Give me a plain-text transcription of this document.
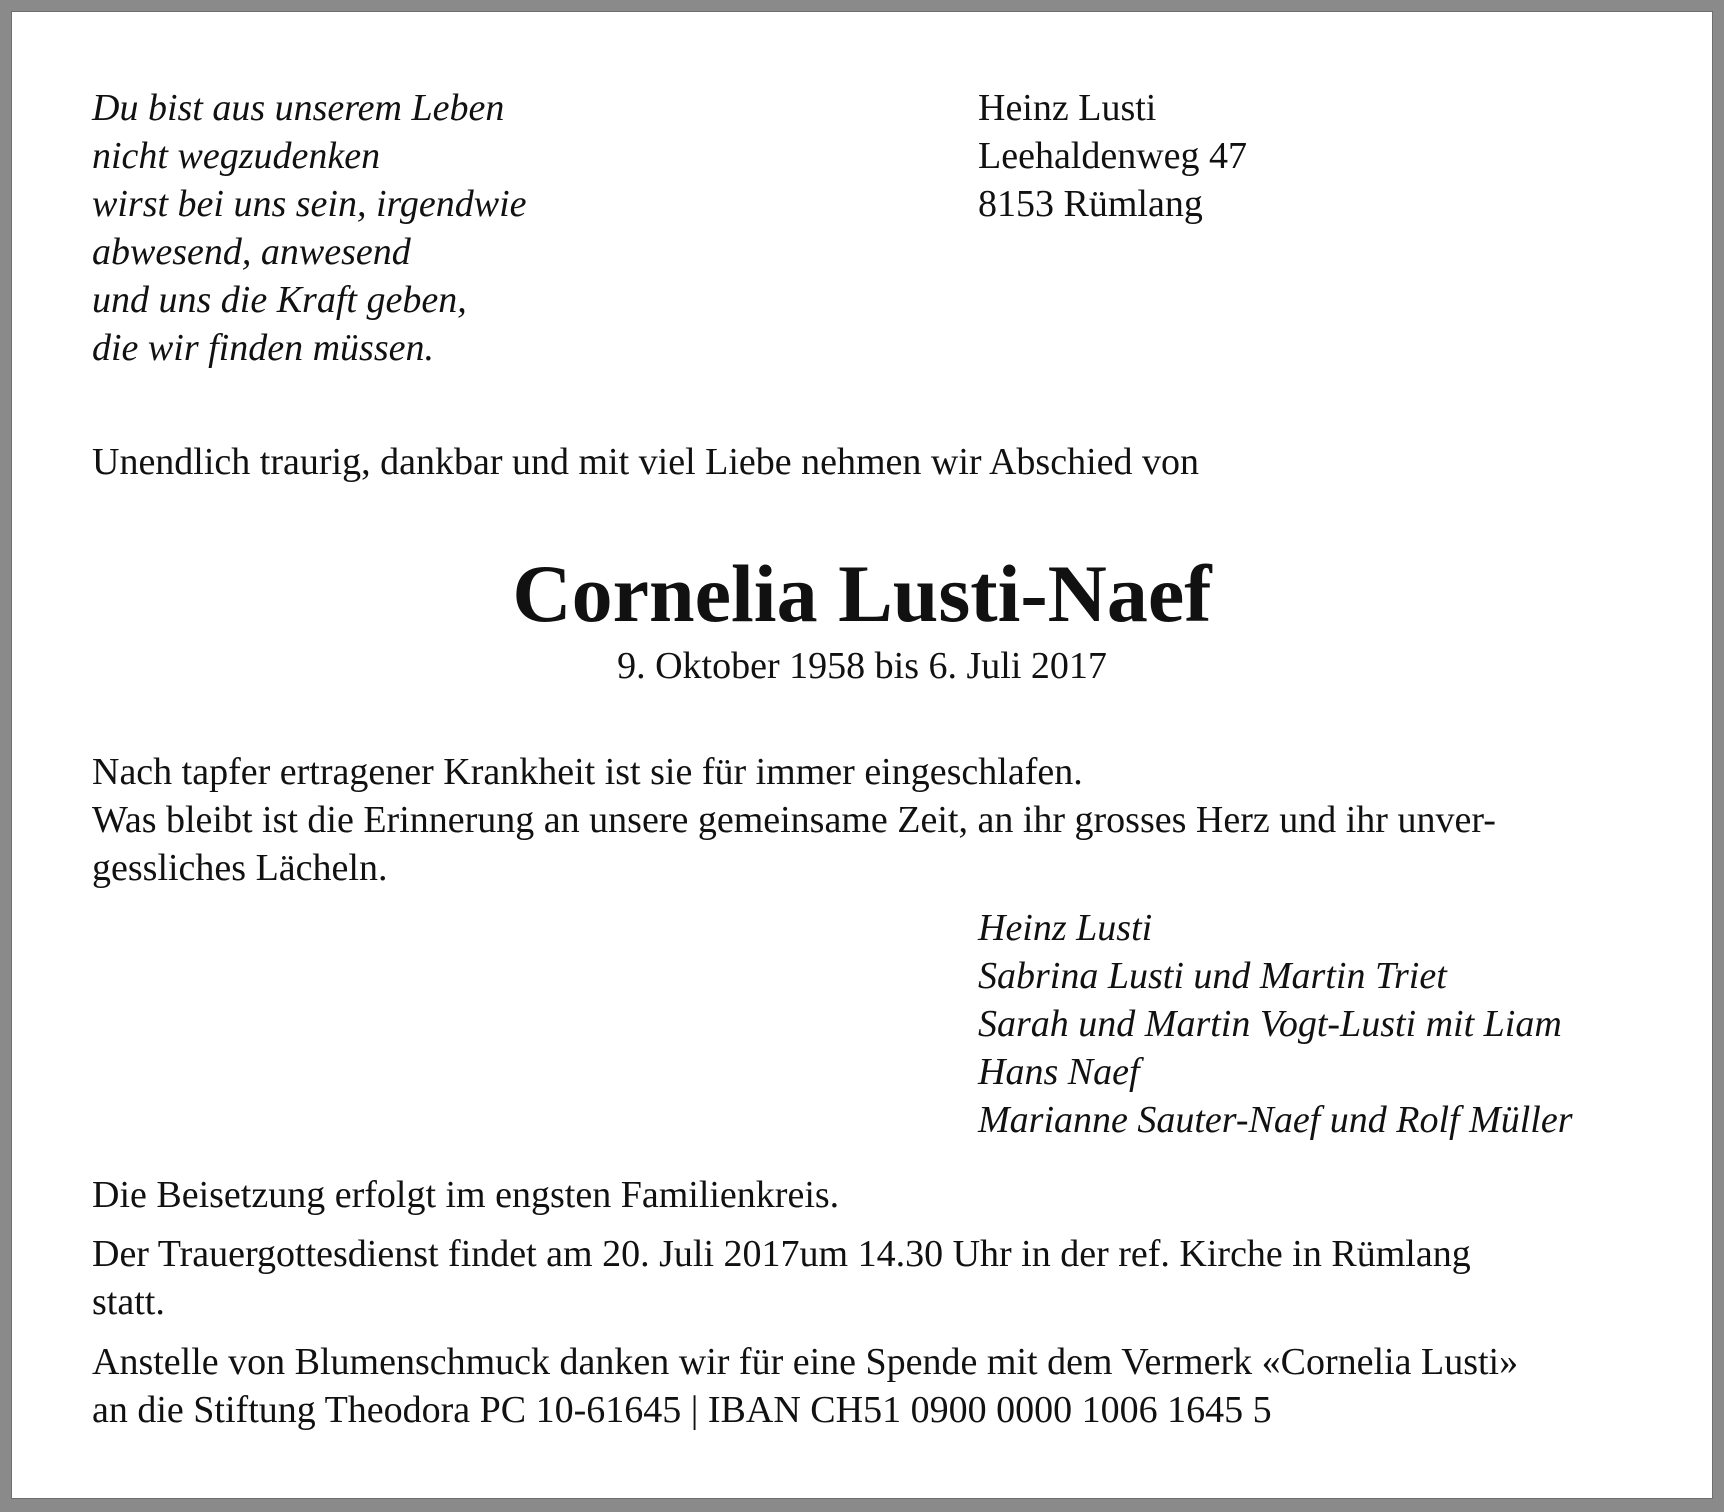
Du bist aus unserem Leben
nicht wegzudenken
wirst bei uns sein, irgendwie
abwesend, anwesend
und uns die Kraft geben,
die wir finden müssen.
Heinz Lusti
Leehaldenweg 47
8153 Rümlang
Unendlich traurig, dankbar und mit viel Liebe nehmen wir Abschied von
Cornelia Lusti-Naef
9. Oktober 1958 bis 6. Juli 2017
Nach tapfer ertragener Krankheit ist sie für immer eingeschlafen.
Was bleibt ist die Erinnerung an unsere gemeinsame Zeit, an ihr grosses Herz und ihr unver-
gessliches Lächeln.
Heinz Lusti
Sabrina Lusti und Martin Triet
Sarah und Martin Vogt-Lusti mit Liam
Hans Naef
Marianne Sauter-Naef und Rolf Müller
Die Beisetzung erfolgt im engsten Familienkreis.
Der Trauergottesdienst findet am 20. Juli 2017um 14.30 Uhr in der ref. Kirche in Rümlang
statt.
Anstelle von Blumenschmuck danken wir für eine Spende mit dem Vermerk «Cornelia Lusti»
an die Stiftung Theodora PC 10-61645 | IBAN CH51 0900 0000 1006 1645 5
